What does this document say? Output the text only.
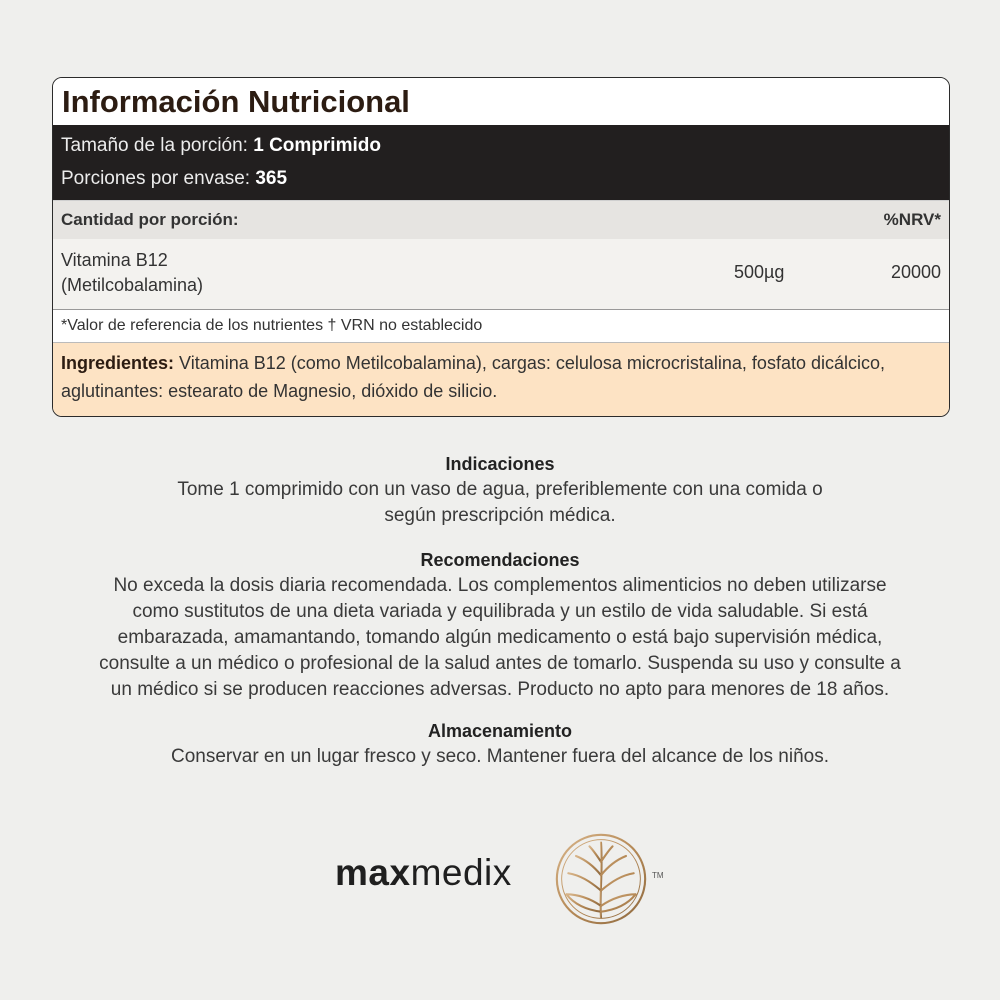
Información Nutricional
Tamaño de la porción: 1 Comprimido
Porciones por envase: 365
Cantidad por porción:	%NRV*
Vitamina B12
(Metilcobalamina)
500µg	20000
*Valor de referencia de los nutrientes † VRN no establecido
Ingredientes: Vitamina B12 (como Metilcobalamina), cargas: celulosa microcristalina, fosfato dicálcico, aglutinantes: estearato de Magnesio, dióxido de silicio.
Indicaciones
Tome 1 comprimido con un vaso de agua, preferiblemente con una comida o
según prescripción médica.
Recomendaciones
No exceda la dosis diaria recomendada. Los complementos alimenticios no deben utilizarse
como sustitutos de una dieta variada y equilibrada y un estilo de vida saludable. Si está
embarazada, amamantando, tomando algún medicamento o está bajo supervisión médica,
consulte a un médico o profesional de la salud antes de tomarlo. Suspenda su uso y consulte a
un médico si se producen reacciones adversas. Producto no apto para menores de 18 años.
Almacenamiento
Conservar en un lugar fresco y seco. Mantener fuera del alcance de los niños.
maxmedix	TM
